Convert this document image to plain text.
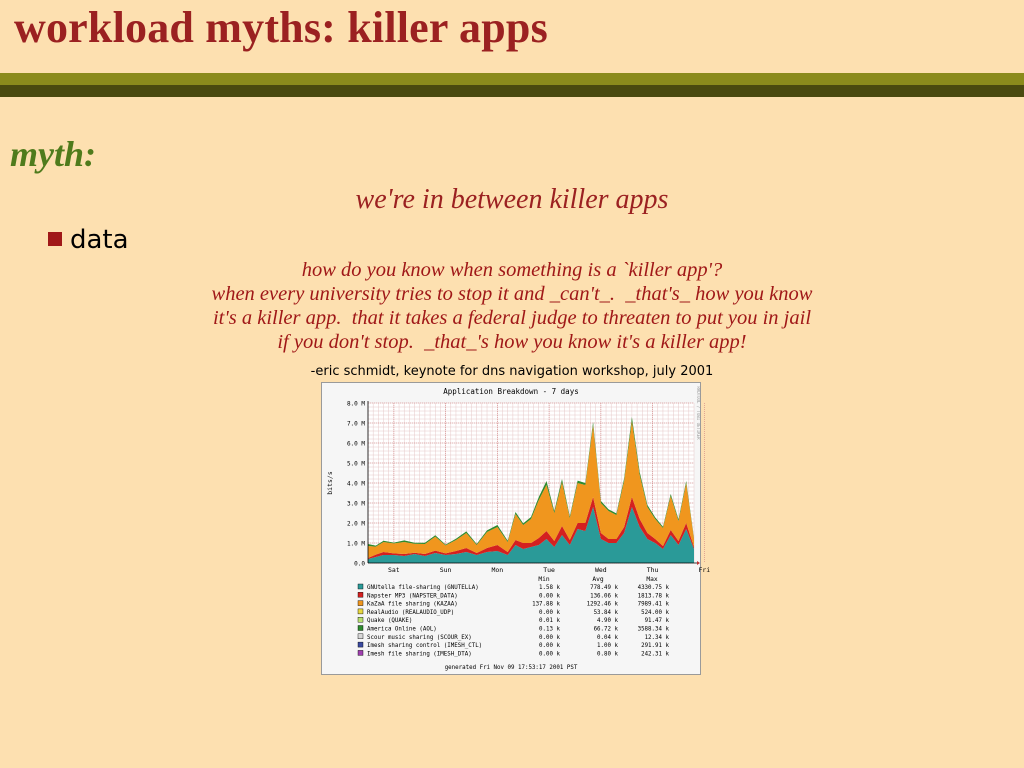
workload myths: killer apps
myth:
we're in between killer apps
data
how do you know when something is a `killer app'?
when every university tries to stop it and _can't_.  _that's_ how you know
it's a killer app.  that it takes a federal judge to threaten to put you in jail
if you don't stop.  _that_'s how you know it's a killer app!
-eric schmidt, keynote for dns navigation workshop, july 2001
0.0
1.0 M
2.0 M
3.0 M
4.0 M
5.0 M
6.0 M
7.0 M
8.0 M
Sat	Sun	Mon	Tue	Wed	Thu	Fri
Application Breakdown - 7 days
bits/s
RRDTOOL / TOBI OETIKER
Min	Avg	Max
GNUtella file-sharing (GNUTELLA)	1.58 k	778.49 k	4330.75 k
Napster MP3 (NAPSTER_DATA)	0.00 k	136.06 k	1813.78 k
KaZaA file sharing (KAZAA)	137.88 k	1292.46 k	7989.41 k
RealAudio (REALAUDIO_UDP)	0.00 k	53.84 k	524.00 k
Quake (QUAKE)	0.01 k	4.90 k	91.47 k
America Online (AOL)	0.13 k	66.72 k	3588.34 k
Scour music sharing (SCOUR_EX)	0.00 k	0.04 k	12.34 k
Imesh sharing control (IMESH_CTL)	0.00 k	1.00 k	291.91 k
Imesh file sharing (IMESH_DTA)	0.00 k	0.80 k	242.31 k
generated Fri Nov 09 17:53:17 2001 PST
